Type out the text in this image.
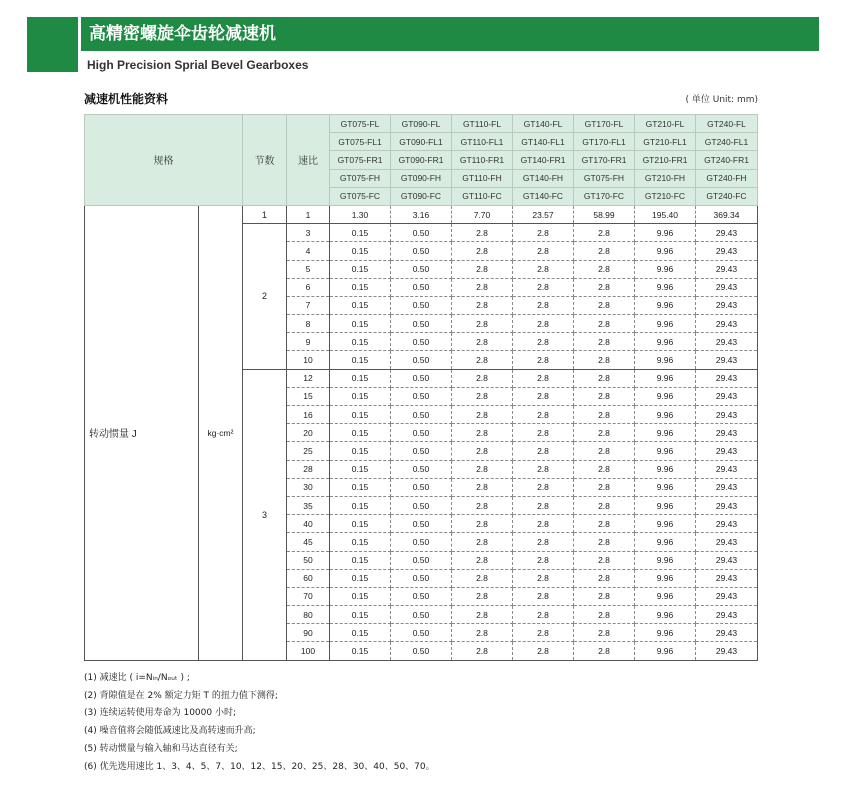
高精密螺旋伞齿轮减速机
High Precision Sprial Bevel Gearboxes
减速机性能资料	( 单位 Unit: mm)
规格		节数	速比	GT075-FL	GT090-FL	GT110-FL	GT140-FL	GT170-FL	GT210-FL	GT240-FL
				GT075-FL1	GT090-FL1	GT110-FL1	GT140-FL1	GT170-FL1	GT210-FL1	GT240-FL1
				GT075-FR1	GT090-FR1	GT110-FR1	GT140-FR1	GT170-FR1	GT210-FR1	GT240-FR1
				GT075-FH	GT090-FH	GT110-FH	GT140-FH	GT075-FH	GT210-FH	GT240-FH
				GT075-FC	GT090-FC	GT110-FC	GT140-FC	GT170-FC	GT210-FC	GT240-FC
转动惯量 J	kg·cm²	1	1	1.30	3.16	7.70	23.57	58.99	195.40	369.34
		2	3	0.15	0.50	2.8	2.8	2.8	9.96	29.43
			4	0.15	0.50	2.8	2.8	2.8	9.96	29.43
			5	0.15	0.50	2.8	2.8	2.8	9.96	29.43
			6	0.15	0.50	2.8	2.8	2.8	9.96	29.43
			7	0.15	0.50	2.8	2.8	2.8	9.96	29.43
			8	0.15	0.50	2.8	2.8	2.8	9.96	29.43
			9	0.15	0.50	2.8	2.8	2.8	9.96	29.43
			10	0.15	0.50	2.8	2.8	2.8	9.96	29.43
		3	12	0.15	0.50	2.8	2.8	2.8	9.96	29.43
			15	0.15	0.50	2.8	2.8	2.8	9.96	29.43
			16	0.15	0.50	2.8	2.8	2.8	9.96	29.43
			20	0.15	0.50	2.8	2.8	2.8	9.96	29.43
			25	0.15	0.50	2.8	2.8	2.8	9.96	29.43
			28	0.15	0.50	2.8	2.8	2.8	9.96	29.43
			30	0.15	0.50	2.8	2.8	2.8	9.96	29.43
			35	0.15	0.50	2.8	2.8	2.8	9.96	29.43
			40	0.15	0.50	2.8	2.8	2.8	9.96	29.43
			45	0.15	0.50	2.8	2.8	2.8	9.96	29.43
			50	0.15	0.50	2.8	2.8	2.8	9.96	29.43
			60	0.15	0.50	2.8	2.8	2.8	9.96	29.43
			70	0.15	0.50	2.8	2.8	2.8	9.96	29.43
			80	0.15	0.50	2.8	2.8	2.8	9.96	29.43
			90	0.15	0.50	2.8	2.8	2.8	9.96	29.43
			100	0.15	0.50	2.8	2.8	2.8	9.96	29.43
(1) 减速比 ( i=Nᵢₙ/Nₒᵤₜ ) ;
(2) 背隙值是在 2% 额定力矩 T 的扭力值下测得;
(3) 连续运转使用寿命为 10000 小时;
(4) 噪音值将会随低减速比及高转速而升高;
(5) 转动惯量与输入轴和马达直径有关;
(6) 优先选用速比 1、3、4、5、7、10、12、15、20、25、28、30、40、50、70。
